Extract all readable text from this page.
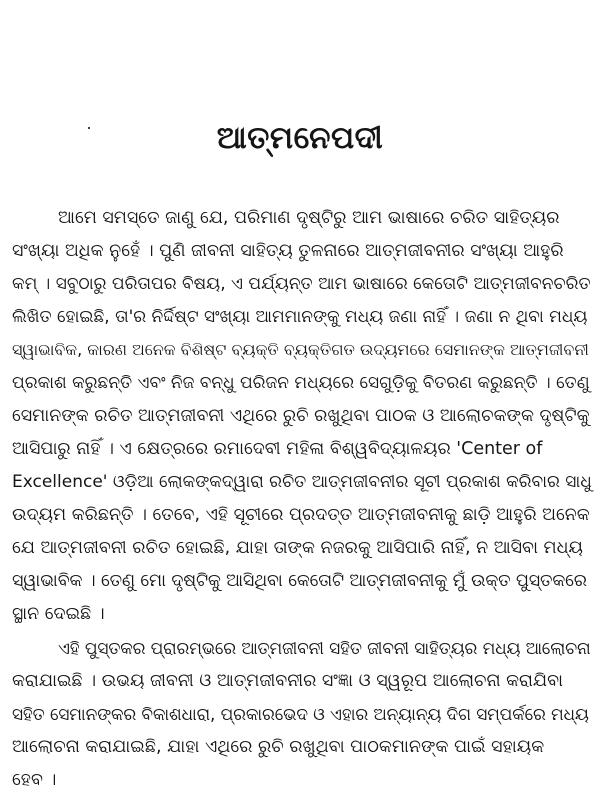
ଆତ୍ମନେପଦୀ
ଆମେ ସମସ୍ତେ ଜାଣୁ ଯେ, ପରିମାଣ ଦୃଷ୍ଟିରୁ ଆମ ଭାଷାରେ ଚରିତ ସାହିତ୍ୟର
ସଂଖ୍ୟା ଅଧିକ ନୁହେଁ । ପୁଣି ଜୀବନୀ ସାହିତ୍ୟ ତୁଳନାରେ ଆତ୍ମଜୀବନୀର ସଂଖ୍ୟା ଆହୁରି
କମ୍ । ସବୁଠାରୁ ପରିତାପର ବିଷୟ, ଏ ପର୍ଯ୍ୟନ୍ତ ଆମ ଭାଷାରେ କେତୋଟି ଆତ୍ମଜୀବନଚରିତ
ଲିଖିତ ହୋଇଛି, ତା'ର ନିର୍ଦ୍ଦିଷ୍ଟ ସଂଖ୍ୟା ଆମମାନଙ୍କୁ ମଧ୍ୟ ଜଣା ନାହିଁ । ଜଣା ନ ଥିବା ମଧ୍ୟ
ସ୍ୱାଭାବିକ, କାରଣ ଅନେକ ବିଶିଷ୍ଟ ବ୍ୟକ୍ତି ବ୍ୟକ୍ତିଗତ ଉଦ୍ୟମରେ ସେମାନଙ୍କ ଆତ୍ମଜୀବନୀ
ପ୍ରକାଶ କରୁଛନ୍ତି ଏବଂ ନିଜ ବନ୍ଧୁ ପରିଜନ ମଧ୍ୟରେ ସେଗୁଡ଼ିକୁ ବିତରଣ କରୁଛନ୍ତି । ତେଣୁ
ସେମାନଙ୍କ ରଚିତ ଆତ୍ମଜୀବନୀ ଏଥିରେ ରୁଚି ରଖୁଥିବା ପାଠକ ଓ ଆଲୋଚକଙ୍କ ଦୃଷ୍ଟିକୁ
ଆସିପାରୁ ନାହିଁ । ଏ କ୍ଷେତ୍ରରେ ରମାଦେବୀ ମହିଳା ବିଶ୍ୱବିଦ୍ୟାଳୟର 'Center of
Excellence' ଓଡ଼ିଆ ଲୋକଙ୍କଦ୍ୱାରା ରଚିତ ଆତ୍ମଜୀବନୀର ସୂଚୀ ପ୍ରକାଶ କରିବାର ସାଧୁ
ଉଦ୍ୟମ କରିଛନ୍ତି । ତେବେ, ଏହି ସୂଚୀରେ ପ୍ରଦତ୍ତ ଆତ୍ମଜୀବନୀକୁ ଛାଡ଼ି ଆହୁରି ଅନେକ
ଯେ ଆତ୍ମଜୀବନୀ ରଚିତ ହୋଇଛି, ଯାହା ତାଙ୍କ ନଜରକୁ ଆସିପାରି ନାହିଁ, ନ ଆସିବା ମଧ୍ୟ
ସ୍ୱାଭାବିକ । ତେଣୁ ମୋ ଦୃଷ୍ଟିକୁ ଆସିଥିବା କେତୋଟି ଆତ୍ମଜୀବନୀକୁ ମୁଁ ଉକ୍ତ ପୁସ୍ତକରେ
ସ୍ଥାନ ଦେଇଛି ।
ଏହି ପୁସ୍ତକର ପ୍ରାରମ୍ଭରେ ଆତ୍ମଜୀବନୀ ସହିତ ଜୀବନୀ ସାହିତ୍ୟର ମଧ୍ୟ ଆଲୋଚନା
କରାଯାଇଛି । ଉଭୟ ଜୀବନୀ ଓ ଆତ୍ମଜୀବନୀର ସଂଜ୍ଞା ଓ ସ୍ୱରୂପ ଆଲୋଚନା କରାଯିବା
ସହିତ ସେମାନଙ୍କର ବିକାଶଧାରା, ପ୍ରକାରଭେଦ ଓ ଏହାର ଅନ୍ୟାନ୍ୟ ଦିଗ ସମ୍ପର୍କରେ ମଧ୍ୟ
ଆଲୋଚନା କରାଯାଇଛି, ଯାହା ଏଥିରେ ରୁଚି ରଖୁଥିବା ପାଠକମାନଙ୍କ ପାଇଁ ସହାୟକ
ହେବ ।
